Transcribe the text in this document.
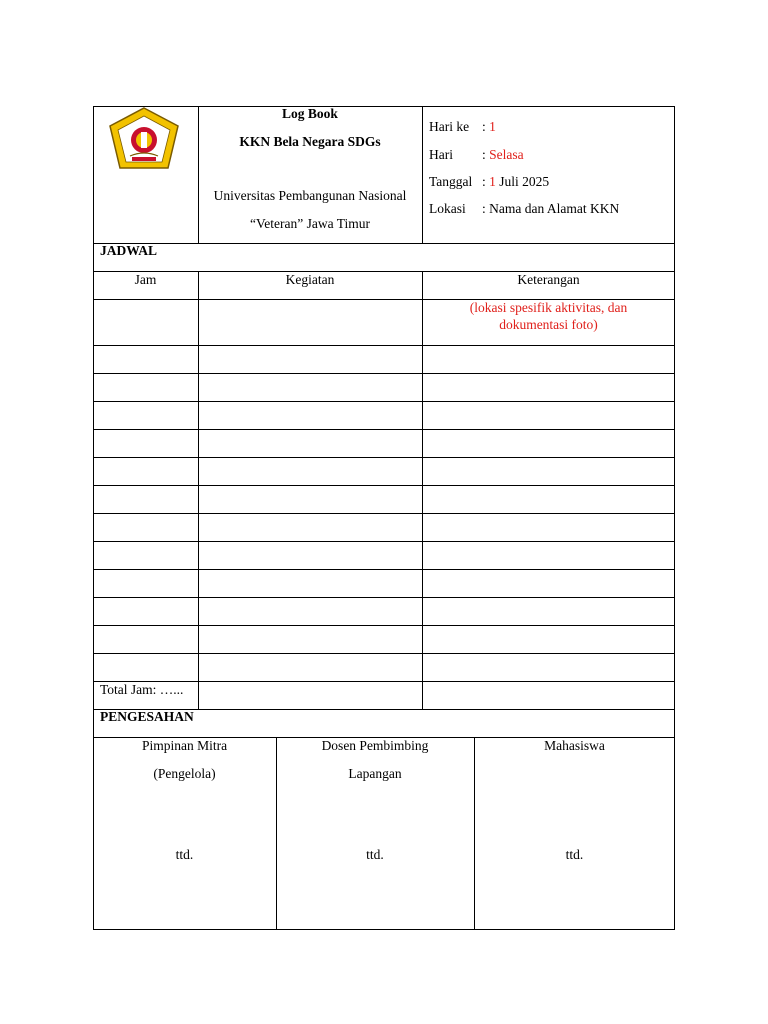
Log Book
KKN Bela Negara SDGs
Universitas Pembangunan Nasional
“Veteran” Jawa Timur
Hari ke : 1
Hari : Selasa
Tanggal : 1 Juli 2025
Lokasi : Nama dan Alamat KKN
JADWAL
Jam	Kegiatan	Keterangan
(lokasi spesifik aktivitas, dan
dokumentasi foto)
Total Jam: …...
PENGESAHAN
Pimpinan Mitra
(Pengelola)
ttd.
Dosen Pembimbing
Lapangan
ttd.
Mahasiswa
ttd.
